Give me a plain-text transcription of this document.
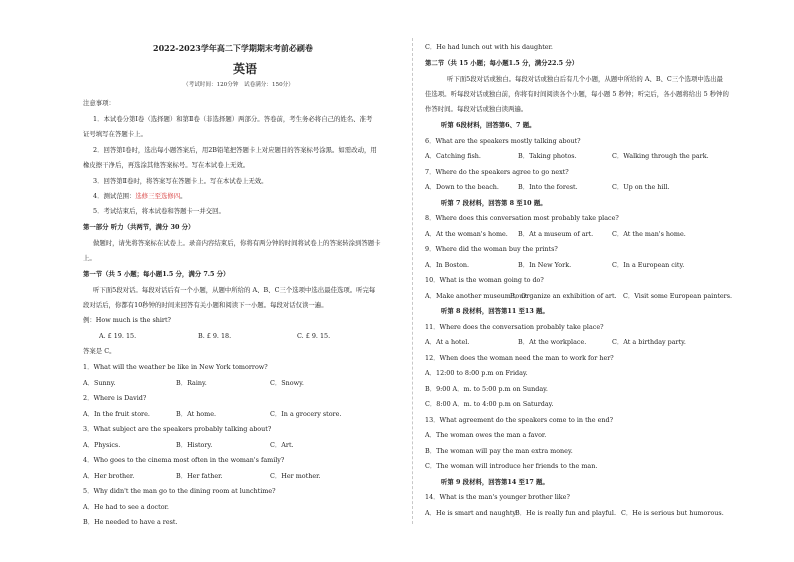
2022-2023学年高二下学期期末考前必刷卷
英语
（考试时间：120分钟　试卷满分：150分）
注意事项：
1．本试卷分第Ⅰ卷（选择题）和第Ⅱ卷（非选择题）两部分。答卷前，考生务必将自己的姓名、准考
证号填写在答题卡上。
2．回答第Ⅰ卷时，选出每小题答案后，用2B铅笔把答题卡上对应题目的答案标号涂黑。如需改动，用
橡皮擦干净后，再选涂其他答案标号。写在本试卷上无效。
3．回答第Ⅱ卷时，将答案写在答题卡上。写在本试卷上无效。
4．测试范围：选修三至选修四。
5．考试结束后，将本试卷和答题卡一并交回。
第一部分 听力（共两节，满分 30 分）
做题时，请先将答案标在试卷上。录音内容结束后，你将有两分钟的时间将试卷上的答案转涂到答题卡
上。
第一节（共 5 小题；每小题1.5 分，满分 7.5 分）
听下面5段对话。每段对话后有一个小题，从题中所给的 A、B、C三个选项中选出最佳选项。听完每
段对话后，你都有10秒钟的时间来回答有关小题和阅读下一小题。每段对话仅读一遍。
例：How much is the shirt?
A. £ 19. 15.	B. £ 9. 18.	C. £ 9. 15.
答案是 C。
1．What will the weather be like in New York tomorrow?
A．Sunny.	B．Rainy.	C．Snowy.
2．Where is David?
A．In the fruit store.	B．At home.	C．In a grocery store.
3．What subject are the speakers probably talking about?
A．Physics.	B．History.	C．Art.
4．Who goes to the cinema most often in the woman's family?
A．Her brother.	B．Her father.	C．Her mother.
5．Why didn't the man go to the dining room at lunchtime?
A．He had to see a doctor.
B．He needed to have a rest.
C．He had lunch out with his daughter.
第二节（共 15 小题；每小题1.5 分，满分22.5 分）
听下面5段对话或独白。每段对话或独白后有几个小题，从题中所给的 A、B、C三个选项中选出最
佳选项。听每段对话或独白前，你将有时间阅读各个小题，每小题 5 秒钟；听完后，各小题将给出 5 秒钟的
作答时间。每段对话或独白读两遍。
听第 6段材料，回答第6、7 题。
6．What are the speakers mostly talking about?
A．Catching fish.	B．Taking photos.	C．Walking through the park.
7．Where do the speakers agree to go next?
A．Down to the beach.	B．Into the forest.	C．Up on the hill.
听第 7 段材料，回答第 8 至10 题。
8．Where does this conversation most probably take place?
A．At the woman's home. B．At a museum of art.	C．At the man's home.
9．Where did the woman buy the prints?
A．In Boston.	B．In New York.	C．In a European city.
10．What is the woman going to do?
A．Make another museum tour.
B．Organize an exhibition of art. C．Visit some European painters.
听第 8 段材料，回答第11 至13 题。
11．Where does the conversation probably take place?
A．At a hotel.	B．At the workplace.	C．At a birthday party.
12．When does the woman need the man to work for her?
A．12:00 to 8:00 p.m on Friday.
B．9:00 A．m. to 5:00 p.m on Sunday.
C．8:00 A．m. to 4:00 p.m on Saturday.
13．What agreement do the speakers come to in the end?
A．The woman owes the man a favor.
B．The woman will pay the man extra money.
C．The woman will introduce her friends to the man.
听第 9 段材料，回答第14 至17 题。
14．What is the man's younger brother like?
A．He is smart and naughty.
B．He is really fun and playful. C．He is serious but humorous.
